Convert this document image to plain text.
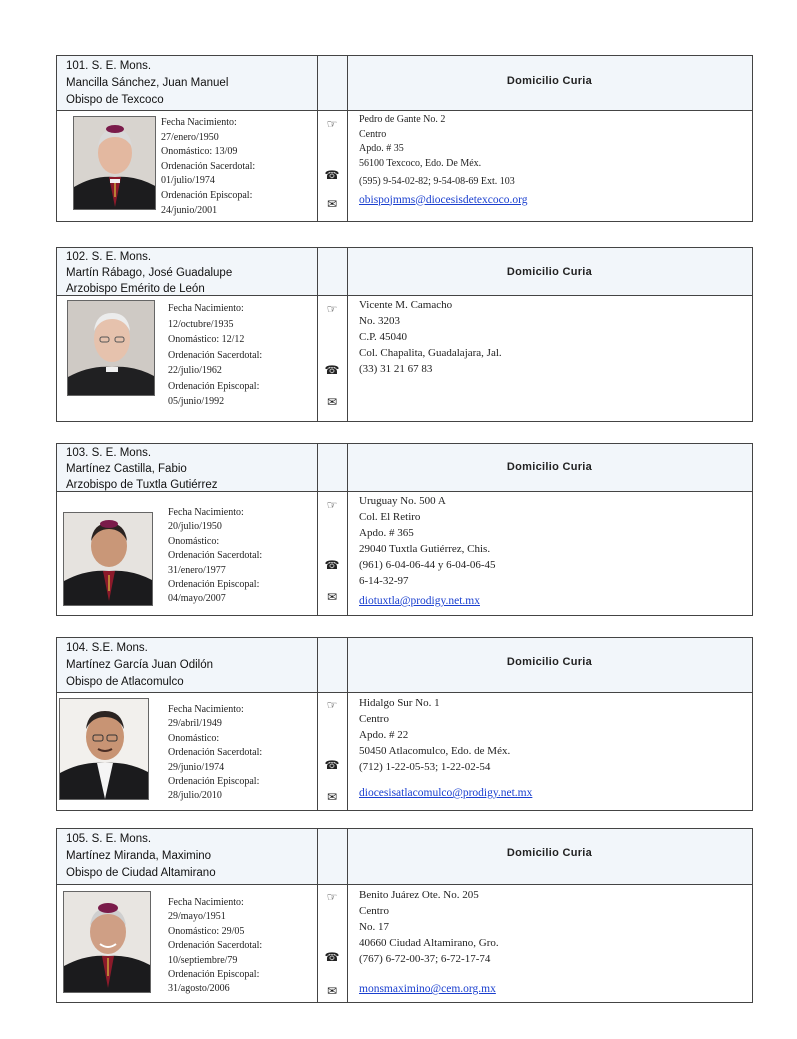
101. S. E. Mons.
Mancilla Sánchez, Juan Manuel
Obispo de Texcoco
Domicilio Curia
Fecha Nacimiento:
27/enero/1950
Onomástico: 13/09
Ordenación Sacerdotal:
01/julio/1974
Ordenación Episcopal:
24/junio/2001
☞
☎
✉
Pedro de Gante No. 2
Centro
Apdo. # 35
56100 Texcoco, Edo. De Méx.
(595) 9-54-02-82; 9-54-08-69 Ext. 103
obispojmms@diocesisdetexcoco.org
102. S. E. Mons.
Martín Rábago, José Guadalupe
Arzobispo Emérito de León
Domicilio Curia
Fecha Nacimiento:
12/octubre/1935
Onomástico: 12/12
Ordenación Sacerdotal:
22/julio/1962
Ordenación Episcopal:
05/junio/1992
☞
☎
✉
Vicente M. Camacho
No. 3203
C.P. 45040
Col. Chapalita, Guadalajara, Jal.
(33) 31 21 67 83
103. S. E. Mons.
Martínez Castilla, Fabio
Arzobispo de Tuxtla Gutiérrez
Domicilio Curia
Fecha Nacimiento:
20/julio/1950
Onomástico:
Ordenación Sacerdotal:
31/enero/1977
Ordenación Episcopal:
04/mayo/2007
☞
☎
✉
Uruguay No. 500 A
Col. El Retiro
Apdo. # 365
29040 Tuxtla Gutiérrez, Chis.
(961) 6-04-06-44 y 6-04-06-45
6-14-32-97
diotuxtla@prodigy.net.mx
104. S.E. Mons.
Martínez García Juan Odilón
Obispo de Atlacomulco
Domicilio Curia
Fecha Nacimiento:
29/abril/1949
Onomástico:
Ordenación Sacerdotal:
29/junio/1974
Ordenación Episcopal:
28/julio/2010
☞
☎
✉
Hidalgo Sur No. 1
Centro
Apdo. # 22
50450 Atlacomulco, Edo. de Méx.
(712) 1-22-05-53; 1-22-02-54
diocesisatlacomulco@prodigy.net.mx
105. S. E. Mons.
Martínez Miranda, Maximino
Obispo de Ciudad Altamirano
Domicilio Curia
Fecha Nacimiento:
29/mayo/1951
Onomástico: 29/05
Ordenación Sacerdotal:
10/septiembre/79
Ordenación Episcopal:
31/agosto/2006
☞
☎
✉
Benito Juárez Ote. No. 205
Centro
No. 17
40660 Ciudad Altamirano, Gro.
(767) 6-72-00-37; 6-72-17-74
monsmaximino@cem.org.mx
